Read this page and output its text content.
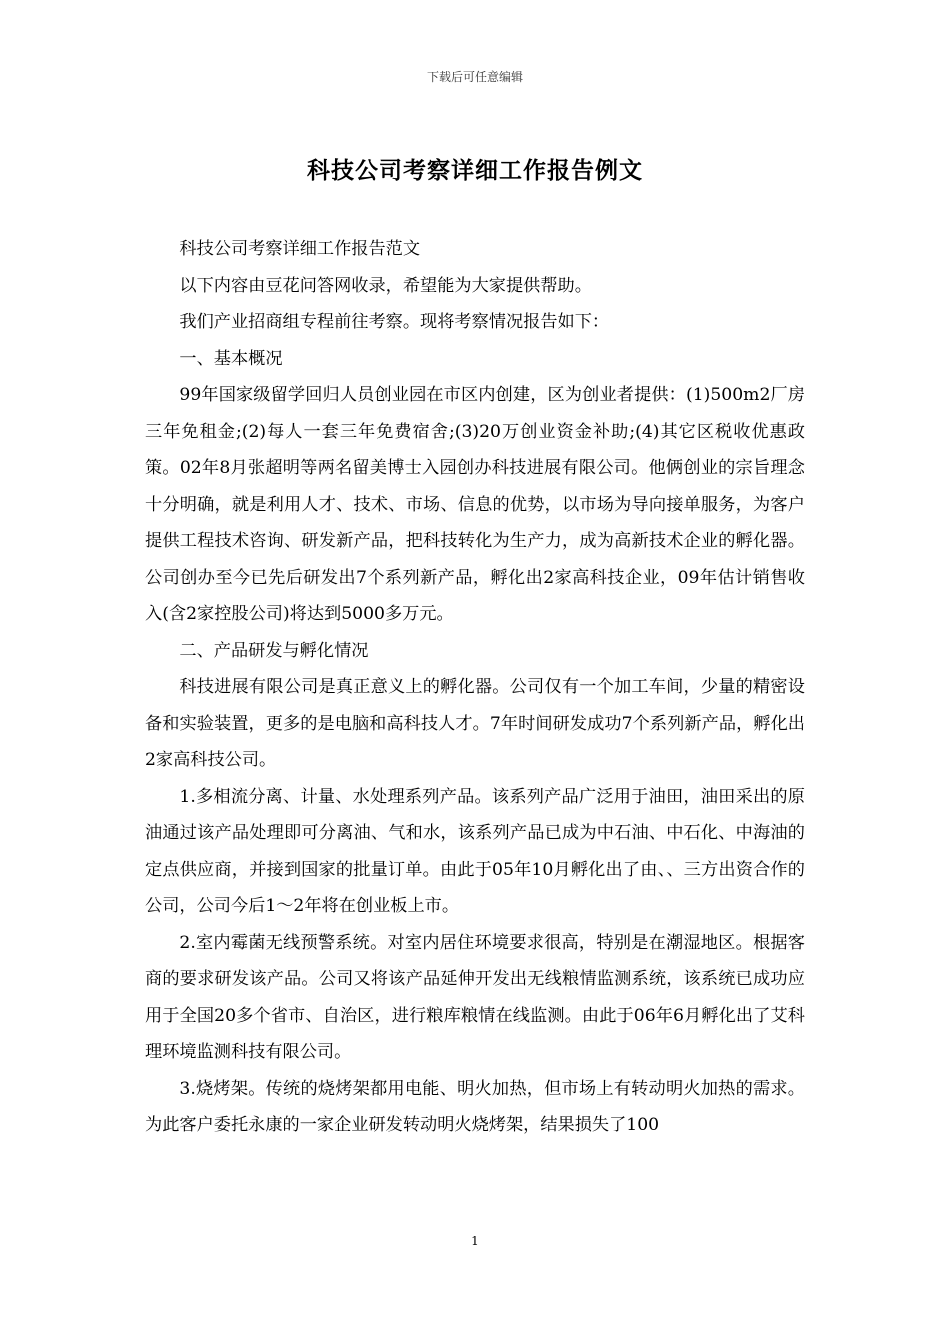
下载后可任意编辑
科技公司考察详细工作报告例文

科技公司考察详细工作报告范文

以下内容由豆花问答网收录，希望能为大家提供帮助。

我们产业招商组专程前往考察。现将考察情况报告如下：

一、基本概况

99年国家级留学回归人员创业园在市区内创建，区为创业者提供：(1)500m2厂房三年免租金;(2)每人一套三年免费宿舍;(3)20万创业资金补助;(4)其它区税收优惠政策。02年8月张超明等两名留美博士入园创办科技进展有限公司。他俩创业的宗旨理念十分明确，就是利用人才、技术、市场、信息的优势，以市场为导向接单服务，为客户提供工程技术咨询、研发新产品，把科技转化为生产力，成为高新技术企业的孵化器。公司创办至今已先后研发出7个系列新产品，孵化出2家高科技企业，09年估计销售收入(含2家控股公司)将达到5000多万元。

二、产品研发与孵化情况

科技进展有限公司是真正意义上的孵化器。公司仅有一个加工车间，少量的精密设备和实验装置，更多的是电脑和高科技人才。7年时间研发成功7个系列新产品，孵化出2家高科技公司。

1.多相流分离、计量、水处理系列产品。该系列产品广泛用于油田，油田采出的原油通过该产品处理即可分离油、气和水，该系列产品已成为中石油、中石化、中海油的定点供应商，并接到国家的批量订单。由此于05年10月孵化出了由、、三方出资合作的公司，公司今后1～2年将在创业板上市。

2.室内霉菌无线预警系统。对室内居住环境要求很高，特别是在潮湿地区。根据客商的要求研发该产品。公司又将该产品延伸开发出无线粮情监测系统，该系统已成功应用于全国20多个省市、自治区，进行粮库粮情在线监测。由此于06年6月孵化出了艾科理环境监测科技有限公司。

3.烧烤架。传统的烧烤架都用电能、明火加热，但市场上有转动明火加热的需求。为此客户委托永康的一家企业研发转动明火烧烤架，结果损失了100

1
